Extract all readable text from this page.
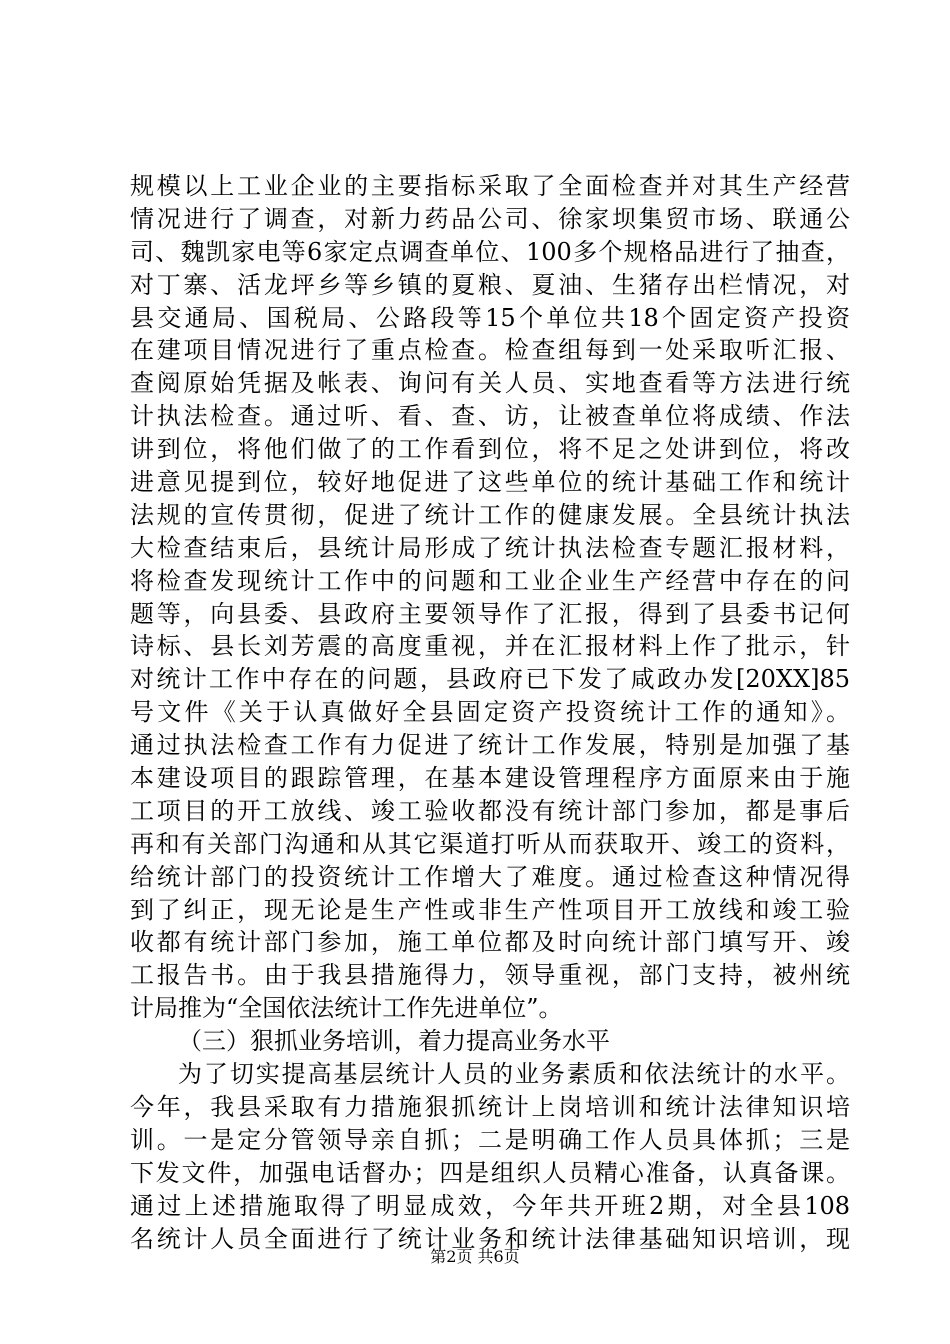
规模以上工业企业的主要指标采取了全面检查并对其生产经营
情况进行了调查，对新力药品公司、徐家坝集贸市场、联通公
司、魏凯家电等6家定点调查单位、100多个规格品进行了抽查，
对丁寨、活龙坪乡等乡镇的夏粮、夏油、生猪存出栏情况，对
县交通局、国税局、公路段等15个单位共18个固定资产投资
在建项目情况进行了重点检查。检查组每到一处采取听汇报、
查阅原始凭据及帐表、询问有关人员、实地查看等方法进行统
计执法检查。通过听、看、查、访，让被查单位将成绩、作法
讲到位，将他们做了的工作看到位，将不足之处讲到位，将改
进意见提到位，较好地促进了这些单位的统计基础工作和统计
法规的宣传贯彻，促进了统计工作的健康发展。全县统计执法
大检查结束后，县统计局形成了统计执法检查专题汇报材料，
将检查发现统计工作中的问题和工业企业生产经营中存在的问
题等，向县委、县政府主要领导作了汇报，得到了县委书记何
诗标、县长刘芳震的高度重视，并在汇报材料上作了批示，针
对统计工作中存在的问题，县政府已下发了咸政办发[20XX]85
号文件《关于认真做好全县固定资产投资统计工作的通知》。
通过执法检查工作有力促进了统计工作发展，特别是加强了基
本建设项目的跟踪管理，在基本建设管理程序方面原来由于施
工项目的开工放线、竣工验收都没有统计部门参加，都是事后
再和有关部门沟通和从其它渠道打听从而获取开、竣工的资料，
给统计部门的投资统计工作增大了难度。通过检查这种情况得
到了纠正，现无论是生产性或非生产性项目开工放线和竣工验
收都有统计部门参加，施工单位都及时向统计部门填写开、竣
工报告书。由于我县措施得力，领导重视，部门支持，被州统
计局推为“全国依法统计工作先进单位”。
（三）狠抓业务培训，着力提高业务水平
为了切实提高基层统计人员的业务素质和依法统计的水平。
今年，我县采取有力措施狠抓统计上岗培训和统计法律知识培
训。一是定分管领导亲自抓；二是明确工作人员具体抓；三是
下发文件，加强电话督办；四是组织人员精心准备，认真备课。
通过上述措施取得了明显成效，今年共开班2期，对全县108
名统计人员全面进行了统计业务和统计法律基础知识培训，现
第2页 共6页
